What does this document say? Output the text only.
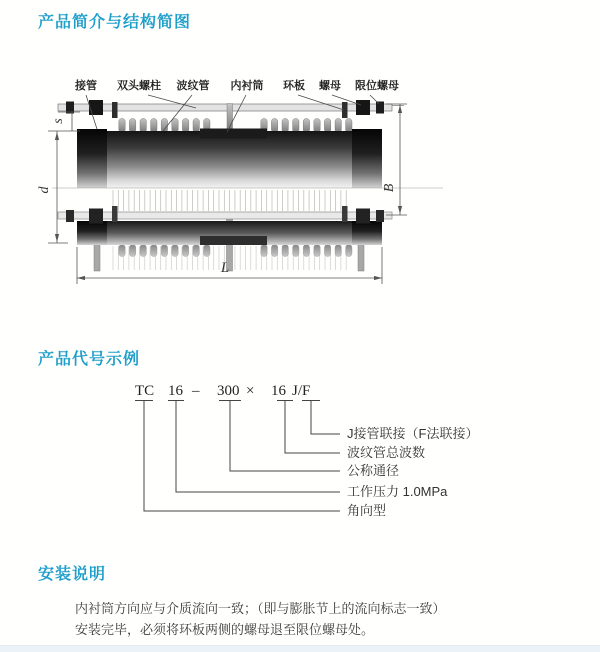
产品简介与结构简图
产品代号示例
安装说明
接管 双头螺柱 波纹管 内衬筒 环板 螺母 限位螺母
s
d	B
L
TC 16 – 300 × 16 J/F
J接管联接（F法联接）
波纹管总波数
公称通径
工作压力 1.0MPa
角向型
内衬筒方向应与介质流向一致；（即与膨胀节上的流向标志一致）
安装完毕，必须将环板两侧的螺母退至限位螺母处。
